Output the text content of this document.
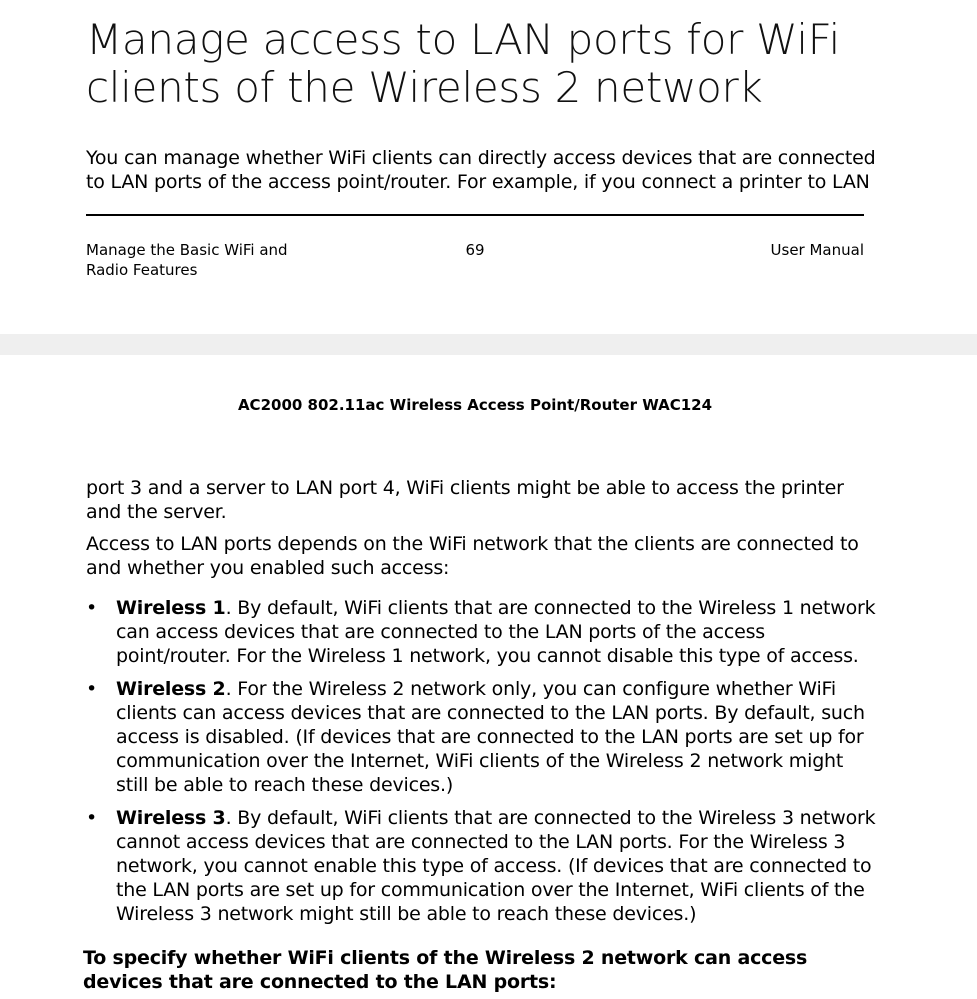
Manage access to LAN ports for WiFi clients of the Wireless 2 network

You can manage whether WiFi clients can directly access devices that are connected to LAN ports of the access point/router. For example, if you connect a printer to LAN

Manage the Basic WiFi and Radio Features
69	User Manual
AC2000 802.11ac Wireless Access Point/Router WAC124

port 3 and a server to LAN port 4, WiFi clients might be able to access the printer and the server.

Access to LAN ports depends on the WiFi network that the clients are connected to and whether you enabled such access:

• Wireless 1. By default, WiFi clients that are connected to the Wireless 1 network can access devices that are connected to the LAN ports of the access point/router. For the Wireless 1 network, you cannot disable this type of access.
• Wireless 2. For the Wireless 2 network only, you can configure whether WiFi clients can access devices that are connected to the LAN ports. By default, such access is disabled. (If devices that are connected to the LAN ports are set up for communication over the Internet, WiFi clients of the Wireless 2 network might still be able to reach these devices.)
• Wireless 3. By default, WiFi clients that are connected to the Wireless 3 network cannot access devices that are connected to the LAN ports. For the Wireless 3 network, you cannot enable this type of access. (If devices that are connected to the LAN ports are set up for communication over the Internet, WiFi clients of the Wireless 3 network might still be able to reach these devices.)

To specify whether WiFi clients of the Wireless 2 network can access devices that are connected to the LAN ports:
